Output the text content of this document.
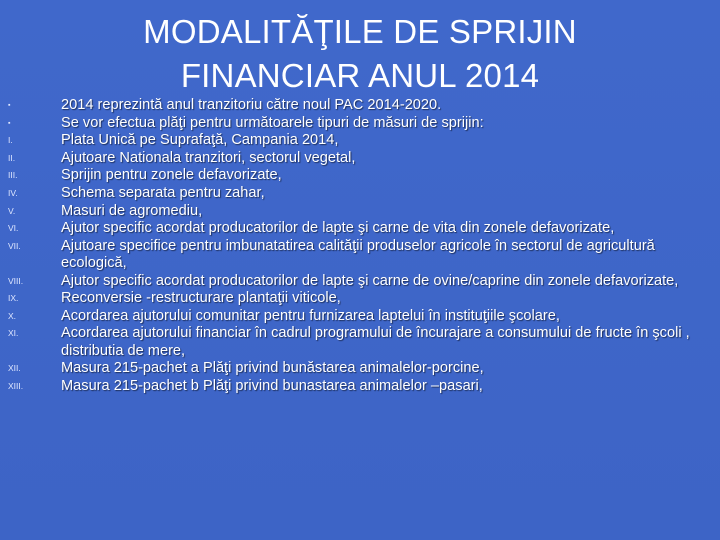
MODALITĂŢILE DE SPRIJIN
FINANCIAR ANUL 2014
▪	2014 reprezintă anul tranzitoriu către noul PAC 2014-2020.
▪	Se vor efectua plăţi pentru următoarele tipuri de măsuri de sprijin:
I.	Plata Unică pe Suprafaţă, Campania 2014,
II.	Ajutoare Nationala tranzitori, sectorul vegetal,
III.	Sprijin pentru zonele defavorizate,
IV.	Schema separata pentru zahar,
V.	Masuri de agromediu,
VI.	Ajutor specific acordat producatorilor de lapte şi carne de vita din zonele defavorizate,
VII.	Ajutoare specifice pentru imbunatatirea calităţii produselor agricole în sectorul de agricultură ecologică,
VIII.	Ajutor specific acordat producatorilor de lapte şi carne de ovine/caprine din zonele defavorizate,
IX.	Reconversie -restructurare plantaţii viticole,
X.	Acordarea ajutorului comunitar pentru furnizarea laptelui în instituţiile şcolare,
XI.	Acordarea ajutorului financiar în cadrul programului de încurajare a consumului de fructe în şcoli , distributia de mere,
XII.	Masura 215-pachet a Plăţi privind bunăstarea animalelor-porcine,
XIII.	Masura 215-pachet b Plăţi privind bunastarea animalelor –pasari,
